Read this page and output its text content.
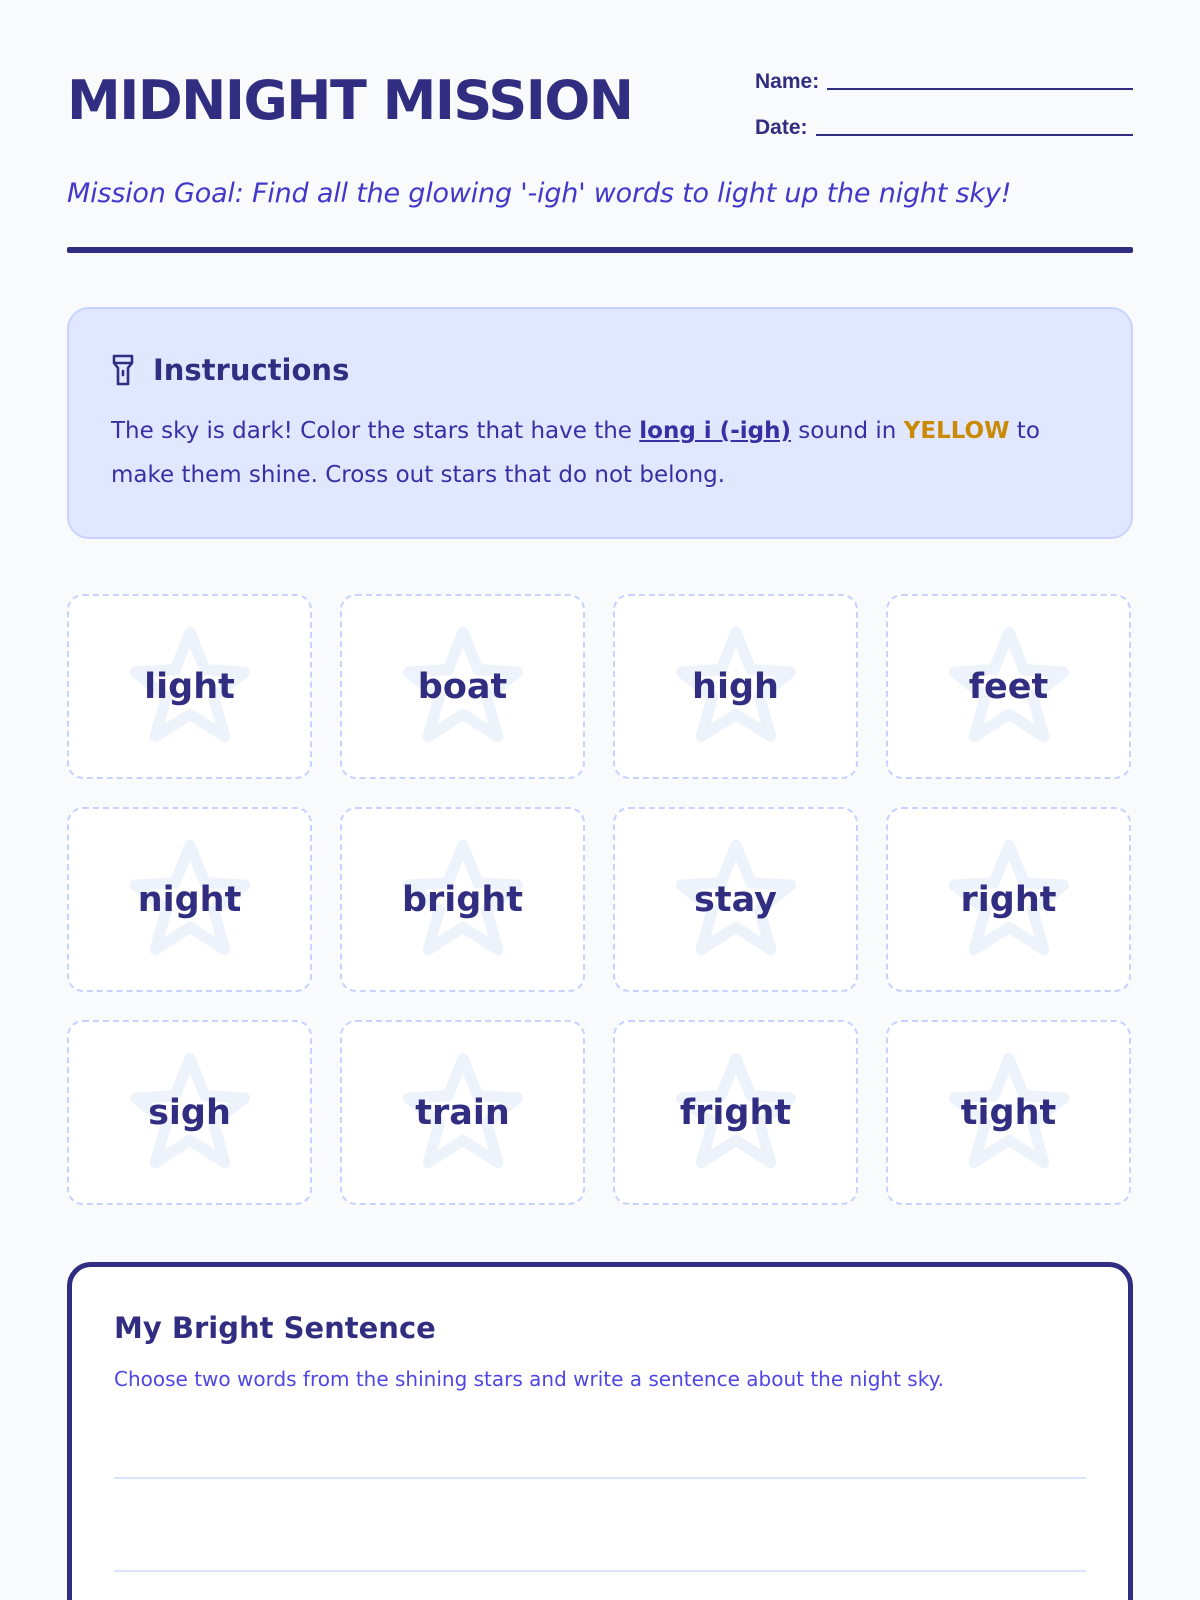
MIDNIGHT MISSION	Name:
Date:
Mission Goal: Find all the glowing '-igh' words to light up the night sky!
Instructions
The sky is dark! Color the stars that have the long i (-igh) sound in YELLOW to make them shine. Cross out stars that do not belong.
light	boat	high	feet
night	bright	stay	right
sigh	train	fright	tight
My Bright Sentence
Choose two words from the shining stars and write a sentence about the night sky.
